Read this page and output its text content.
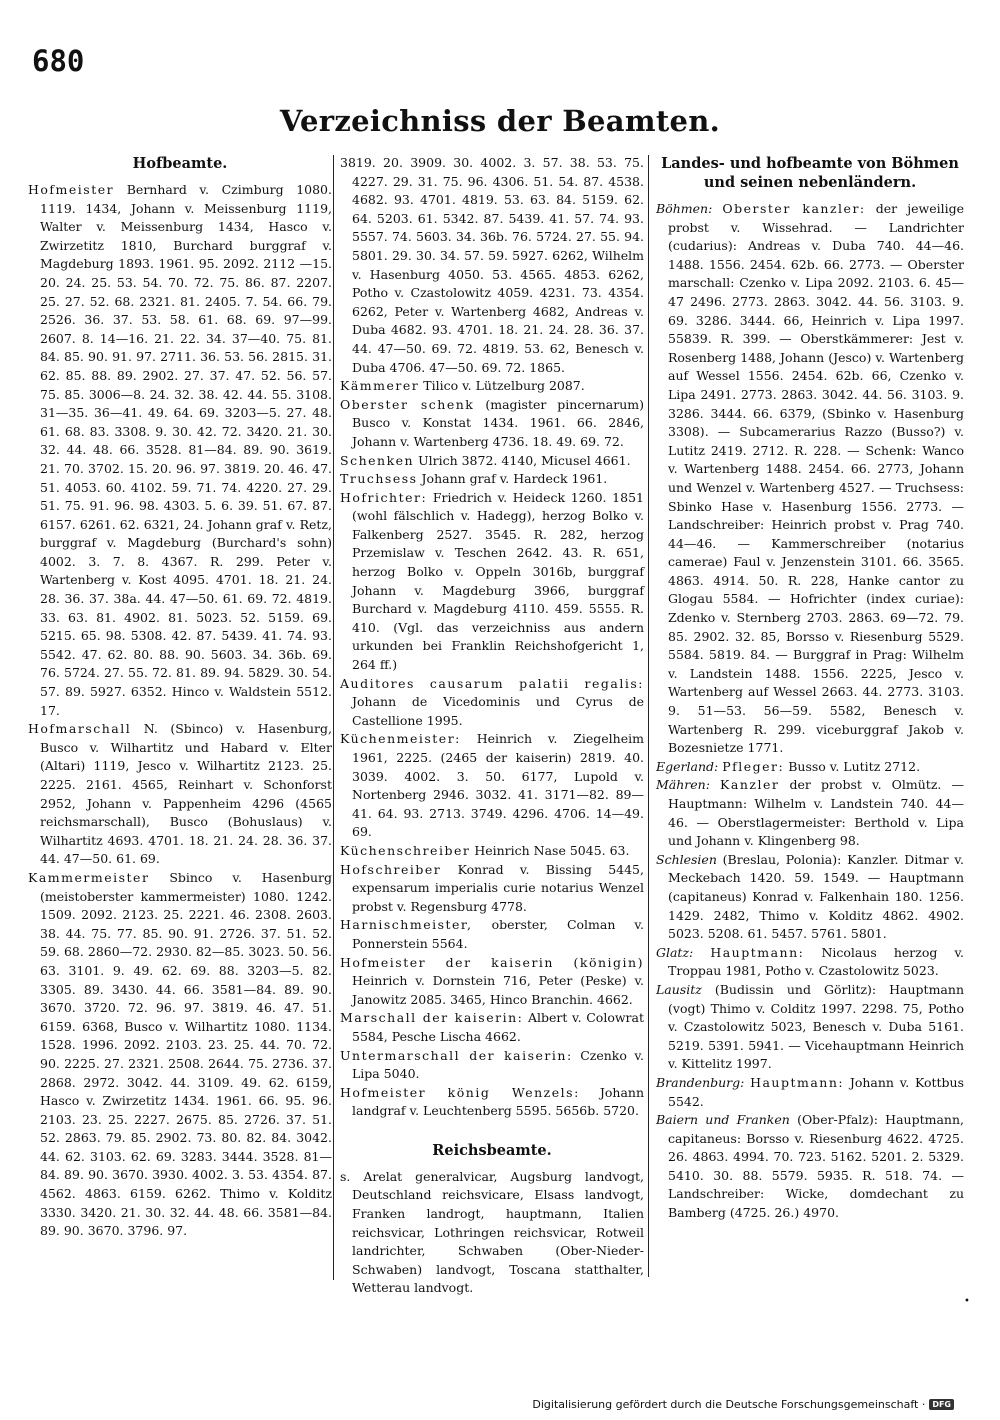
680
Verzeichniss der Beamten.
Hofbeamte.

Hofmeister Bernhard v. Czimburg 1080. 1119. 1434, Johann v. Meissenburg 1119, Walter v. Meissenburg 1434, Hasco v. Zwirzetitz 1810, Burchard burggraf v. Magdeburg 1893. 1961. 95. 2092. 2112 —15. 20. 24. 25. 53. 54. 70. 72. 75. 86. 87. 2207. 25. 27. 52. 68. 2321. 81. 2405. 7. 54. 66. 79. 2526. 36. 37. 53. 58. 61. 68. 69. 97—99. 2607. 8. 14—16. 21. 22. 34. 37—40. 75. 81. 84. 85. 90. 91. 97. 2711. 36. 53. 56. 2815. 31. 62. 85. 88. 89. 2902. 27. 37. 47. 52. 56. 57. 75. 85. 3006—8. 24. 32. 38. 42. 44. 55. 3108. 31—35. 36—41. 49. 64. 69. 3203—5. 27. 48. 61. 68. 83. 3308. 9. 30. 42. 72. 3420. 21. 30. 32. 44. 48. 66. 3528. 81—84. 89. 90. 3619. 21. 70. 3702. 15. 20. 96. 97. 3819. 20. 46. 47. 51. 4053. 60. 4102. 59. 71. 74. 4220. 27. 29. 51. 75. 91. 96. 98. 4303. 5. 6. 39. 51. 67. 87. 6157. 6261. 62. 6321, 24. Johann graf v. Retz, burggraf v. Magdeburg (Burchard's sohn) 4002. 3. 7. 8. 4367. R. 299. Peter v. Wartenberg v. Kost 4095. 4701. 18. 21. 24. 28. 36. 37. 38a. 44. 47—50. 61. 69. 72. 4819. 33. 63. 81. 4902. 81. 5023. 52. 5159. 69. 5215. 65. 98. 5308. 42. 87. 5439. 41. 74. 93. 5542. 47. 62. 80. 88. 90. 5603. 34. 36b. 69. 76. 5724. 27. 55. 72. 81. 89. 94. 5829. 30. 54. 57. 89. 5927. 6352. Hinco v. Waldstein 5512. 17.

Hofmarschall N. (Sbinco) v. Hasenburg, Busco v. Wilhartitz und Habard v. Elter (Altari) 1119, Jesco v. Wilhartitz 2123. 25. 2225. 2161. 4565, Reinhart v. Schonforst 2952, Johann v. Pappenheim 4296 (4565 reichsmarschall), Busco (Bohuslaus) v. Wilhartitz 4693. 4701. 18. 21. 24. 28. 36. 37. 44. 47—50. 61. 69.

Kammermeister Sbinco v. Hasenburg (meistoberster kammermeister) 1080. 1242. 1509. 2092. 2123. 25. 2221. 46. 2308. 2603. 38. 44. 75. 77. 85. 90. 91. 2726. 37. 51. 52. 59. 68. 2860—72. 2930. 82—85. 3023. 50. 56. 63. 3101. 9. 49. 62. 69. 88. 3203—5. 82. 3305. 89. 3430. 44. 66. 3581—84. 89. 90. 3670. 3720. 72. 96. 97. 3819. 46. 47. 51. 6159. 6368, Busco v. Wilhartitz 1080. 1134. 1528. 1996. 2092. 2103. 23. 25. 44. 70. 72. 90. 2225. 27. 2321. 2508. 2644. 75. 2736. 37. 2868. 2972. 3042. 44. 3109. 49. 62. 6159, Hasco v. Zwirzetitz 1434. 1961. 66. 95. 96. 2103. 23. 25. 2227. 2675. 85. 2726. 37. 51. 52. 2863. 79. 85. 2902. 73. 80. 82. 84. 3042. 44. 62. 3103. 62. 69. 3283. 3444. 3528. 81—84. 89. 90. 3670. 3930. 4002. 3. 53. 4354. 87. 4562. 4863. 6159. 6262. Thimo v. Kolditz 3330. 3420. 21. 30. 32. 44. 48. 66. 3581—84. 89. 90. 3670. 3796. 97.

3819. 20. 3909. 30. 4002. 3. 57. 38. 53. 75. 4227. 29. 31. 75. 96. 4306. 51. 54. 87. 4538. 4682. 93. 4701. 4819. 53. 63. 84. 5159. 62. 64. 5203. 61. 5342. 87. 5439. 41. 57. 74. 93. 5557. 74. 5603. 34. 36b. 76. 5724. 27. 55. 94. 5801. 29. 30. 34. 57. 59. 5927. 6262, Wilhelm v. Hasenburg 4050. 53. 4565. 4853. 6262, Potho v. Czastolowitz 4059. 4231. 73. 4354. 6262, Peter v. Wartenberg 4682, Andreas v. Duba 4682. 93. 4701. 18. 21. 24. 28. 36. 37. 44. 47—50. 69. 72. 4819. 53. 62, Benesch v. Duba 4706. 47—50. 69. 72. 1865.

Kämmerer Tilico v. Lützelburg 2087.

Oberster schenk (magister pincernarum) Busco v. Konstat 1434. 1961. 66. 2846, Johann v. Wartenberg 4736. 18. 49. 69. 72.

Schenken Ulrich 3872. 4140, Micusel 4661.

Truchsess Johann graf v. Hardeck 1961.

Hofrichter: Friedrich v. Heideck 1260. 1851 (wohl fälschlich v. Hadegg), herzog Bolko v. Falkenberg 2527. 3545. R. 282, herzog Przemislaw v. Teschen 2642. 43. R. 651, herzog Bolko v. Oppeln 3016b, burggraf Johann v. Magdeburg 3966, burggraf Burchard v. Magdeburg 4110. 459. 5555. R. 410. (Vgl. das verzeichniss aus andern urkunden bei Franklin Reichshofgericht 1, 264 ff.)

Auditores causarum palatii regalis: Johann de Vicedominis und Cyrus de Castellione 1995.

Küchenmeister: Heinrich v. Ziegelheim 1961, 2225. (2465 der kaiserin) 2819. 40. 3039. 4002. 3. 50. 6177, Lupold v. Nortenberg 2946. 3032. 41. 3171—82. 89—41. 64. 93. 2713. 3749. 4296. 4706. 14—49. 69.

Küchenschreiber Heinrich Nase 5045. 63.

Hofschreiber Konrad v. Bissing 5445, expensarum imperialis curie notarius Wenzel probst v. Regensburg 4778.

Harnischmeister, oberster, Colman v. Ponnerstein 5564.

Hofmeister der kaiserin (königin) Heinrich v. Dornstein 716, Peter (Peske) v. Janowitz 2085. 3465, Hinco Branchin. 4662.

Marschall der kaiserin: Albert v. Colowrat 5584, Pesche Lischa 4662.

Untermarschall der kaiserin: Czenko v. Lipa 5040.

Hofmeister könig Wenzels: Johann landgraf v. Leuchtenberg 5595. 5656b. 5720.

Reichsbeamte.

s. Arelat generalvicar, Augsburg landvogt, Deutschland reichsvicare, Elsass landvogt, Franken landrogt, hauptmann, Italien reichsvicar, Lothringen reichsvicar, Rotweil landrichter, Schwaben (Ober-Nieder-Schwaben) landvogt, Toscana statthalter, Wetterau landvogt.

Landes- und hofbeamte von Böhmen und seinen nebenländern.

Böhmen: Oberster kanzler: der jeweilige probst v. Wissehrad. — Landrichter (cudarius): Andreas v. Duba 740. 44—46. 1488. 1556. 2454. 62b. 66. 2773. — Oberster marschall: Czenko v. Lipa 2092. 2103. 6. 45—47 2496. 2773. 2863. 3042. 44. 56. 3103. 9. 69. 3286. 3444. 66, Heinrich v. Lipa 1997. 55839. R. 399. — Oberstkämmerer: Jest v. Rosenberg 1488, Johann (Jesco) v. Wartenberg auf Wessel 1556. 2454. 62b. 66, Czenko v. Lipa 2491. 2773. 2863. 3042. 44. 56. 3103. 9. 3286. 3444. 66. 6379, (Sbinko v. Hasenburg 3308). — Subcamerarius Razzo (Busso?) v. Lutitz 2419. 2712. R. 228. — Schenk: Wanco v. Wartenberg 1488. 2454. 66. 2773, Johann und Wenzel v. Wartenberg 4527. — Truchsess: Sbinko Hase v. Hasenburg 1556. 2773. — Landschreiber: Heinrich probst v. Prag 740. 44—46. — Kammerschreiber (notarius camerae) Faul v. Jenzenstein 3101. 66. 3565. 4863. 4914. 50. R. 228, Hanke cantor zu Glogau 5584. — Hofrichter (index curiae): Zdenko v. Sternberg 2703. 2863. 69—72. 79. 85. 2902. 32. 85, Borsso v. Riesenburg 5529. 5584. 5819. 84. — Burggraf in Prag: Wilhelm v. Landstein 1488. 1556. 2225, Jesco v. Wartenberg auf Wessel 2663. 44. 2773. 3103. 9. 51—53. 56—59. 5582, Benesch v. Wartenberg R. 299. viceburggraf Jakob v. Bozesnietze 1771.

Egerland: Pfleger: Busso v. Lutitz 2712.

Mähren: Kanzler der probst v. Olmütz. — Hauptmann: Wilhelm v. Landstein 740. 44—46. — Oberstlagermeister: Berthold v. Lipa und Johann v. Klingenberg 98.

Schlesien (Breslau, Polonia): Kanzler. Ditmar v. Meckebach 1420. 59. 1549. — Hauptmann (capitaneus) Konrad v. Falkenhain 180. 1256. 1429. 2482, Thimo v. Kolditz 4862. 4902. 5023. 5208. 61. 5457. 5761. 5801.

Glatz: Hauptmann: Nicolaus herzog v. Troppau 1981, Potho v. Czastolowitz 5023.

Lausitz (Budissin und Görlitz): Hauptmann (vogt) Thimo v. Colditz 1997. 2298. 75, Potho v. Czastolowitz 5023, Benesch v. Duba 5161. 5219. 5391. 5941. — Vicehauptmann Heinrich v. Kittelitz 1997.

Brandenburg: Hauptmann: Johann v. Kottbus 5542.

Baiern und Franken (Ober-Pfalz): Hauptmann, capitaneus: Borsso v. Riesenburg 4622. 4725. 26. 4863. 4994. 70. 723. 5162. 5201. 2. 5329. 5410. 30. 88. 5579. 5935. R. 518. 74. — Landschreiber: Wicke, domdechant zu Bamberg (4725. 26.) 4970.

•
Digitalisierung gefördert durch die Deutsche Forschungsgemeinschaft · DFG
